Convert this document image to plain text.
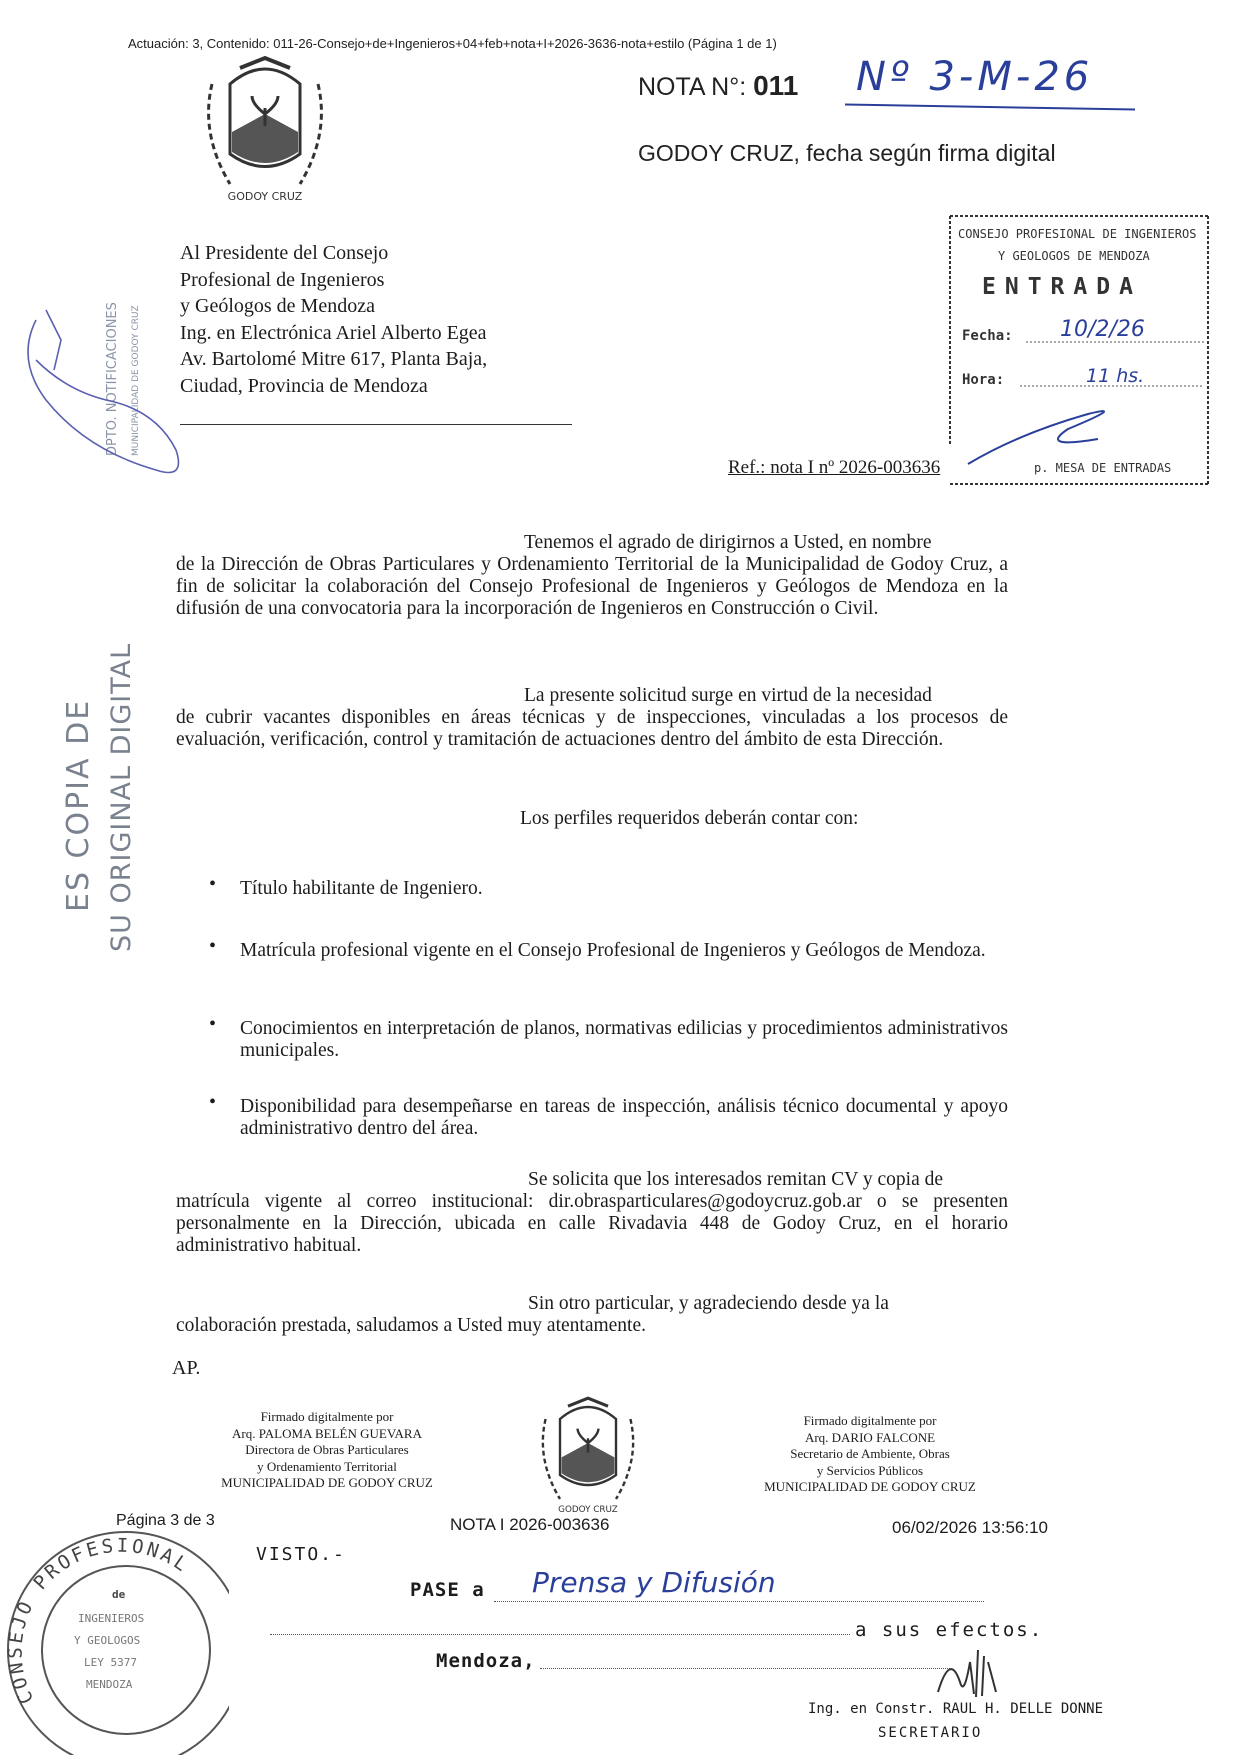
Actuación: 3, Contenido: 011-26-Consejo+de+Ingenieros+04+feb+nota+I+2026-3636-nota+estilo (Página 1 de 1)
GODOY CRUZ
NOTA N°: 011 Nº 3-M-26
GODOY CRUZ, fecha según firma digital
Al Presidente del Consejo
Profesional de Ingenieros
y Geólogos de Mendoza
Ing. en Electrónica Ariel Alberto Egea
Av. Bartolomé Mitre 617, Planta Baja,
Ciudad, Provincia de Mendoza
CONSEJO PROFESIONAL DE INGENIEROS
Y GEOLOGOS DE MENDOZA
ENTRADA
Fecha: 10/2/26
Hora:	11 hs.
p. MESA DE ENTRADAS
Ref.: nota I nº 2026-003636
Tenemos el agrado de dirigirnos a Usted, en nombre
de la Dirección de Obras Particulares y Ordenamiento Territorial de la Municipalidad de Godoy Cruz, a fin de solicitar la colaboración del Consejo Profesional de Ingenieros y Geólogos de Mendoza en la difusión de una convocatoria para la incorporación de Ingenieros en Construcción o Civil.
La presente solicitud surge en virtud de la necesidad
de cubrir vacantes disponibles en áreas técnicas y de inspecciones, vinculadas a los procesos de evaluación, verificación, control y tramitación de actuaciones dentro del ámbito de esta Dirección.
Los perfiles requeridos deberán contar con:
• Título habilitante de Ingeniero.
• Matrícula profesional vigente en el Consejo Profesional de Ingenieros y Geólogos de Mendoza.
• Conocimientos en interpretación de planos, normativas edilicias y procedimientos administrativos municipales.
• Disponibilidad para desempeñarse en tareas de inspección, análisis técnico documental y apoyo administrativo dentro del área.
Se solicita que los interesados remitan CV y copia de
matrícula vigente al correo institucional: dir.obrasparticulares@godoycruz.gob.ar o se presenten personalmente en la Dirección, ubicada en calle Rivadavia 448 de Godoy Cruz, en el horario administrativo habitual.
Sin otro particular, y agradeciendo desde ya la
colaboración prestada, saludamos a Usted muy atentamente.
AP.
Firmado digitalmente por
Arq. PALOMA BELÉN GUEVARA
Directora de Obras Particulares
y Ordenamiento Territorial
MUNICIPALIDAD DE GODOY CRUZ
GODOY CRUZ
Firmado digitalmente por
Arq. DARIO FALCONE
Secretario de Ambiente, Obras
y Servicios Públicos
MUNICIPALIDAD DE GODOY CRUZ
Página 3 de 3	NOTA I 2026-003636	06/02/2026 13:56:10
VISTO.-
PASE a Prensa y Difusión
a sus efectos.
Mendoza,
Ing. en Constr. RAUL H. DELLE DONNE
SECRETARIO
ES COPIA DE SU ORIGINAL DIGITAL
DPTO. NOTIFICACIONES MUNICIPALIDAD DE GODOY CRUZ
CONSEJO PROFESIONAL
de
INGENIEROS
Y GEOLOGOS
LEY 5377
MENDOZA
